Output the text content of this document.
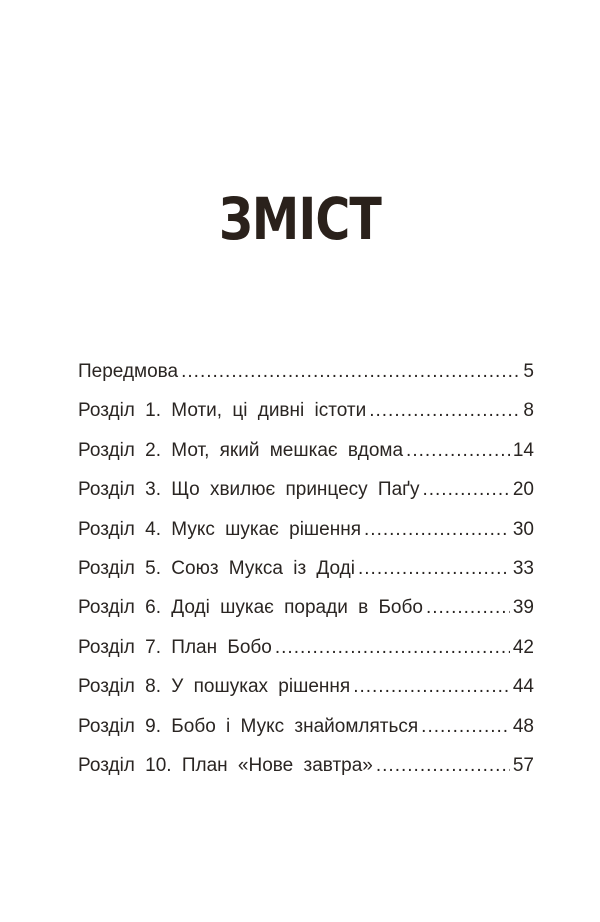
ЗМІСТ
Передмова .....	5
Розділ 1. Моти, ці дивні істоти .....	8
Розділ 2. Мот, який мешкає вдома .....	14
Розділ 3. Що хвилює принцесу Паґу .....	20
Розділ 4. Мукс шукає рішення .....	30
Розділ 5. Союз Мукса із Доді .....	33
Розділ 6. Доді шукає поради в Бобо .....	39
Розділ 7. План Бобо .....	42
Розділ 8. У пошуках рішення .....	44
Розділ 9. Бобо і Мукс знайомляться .....	48
Розділ 10. План «Нове завтра» .....	57
